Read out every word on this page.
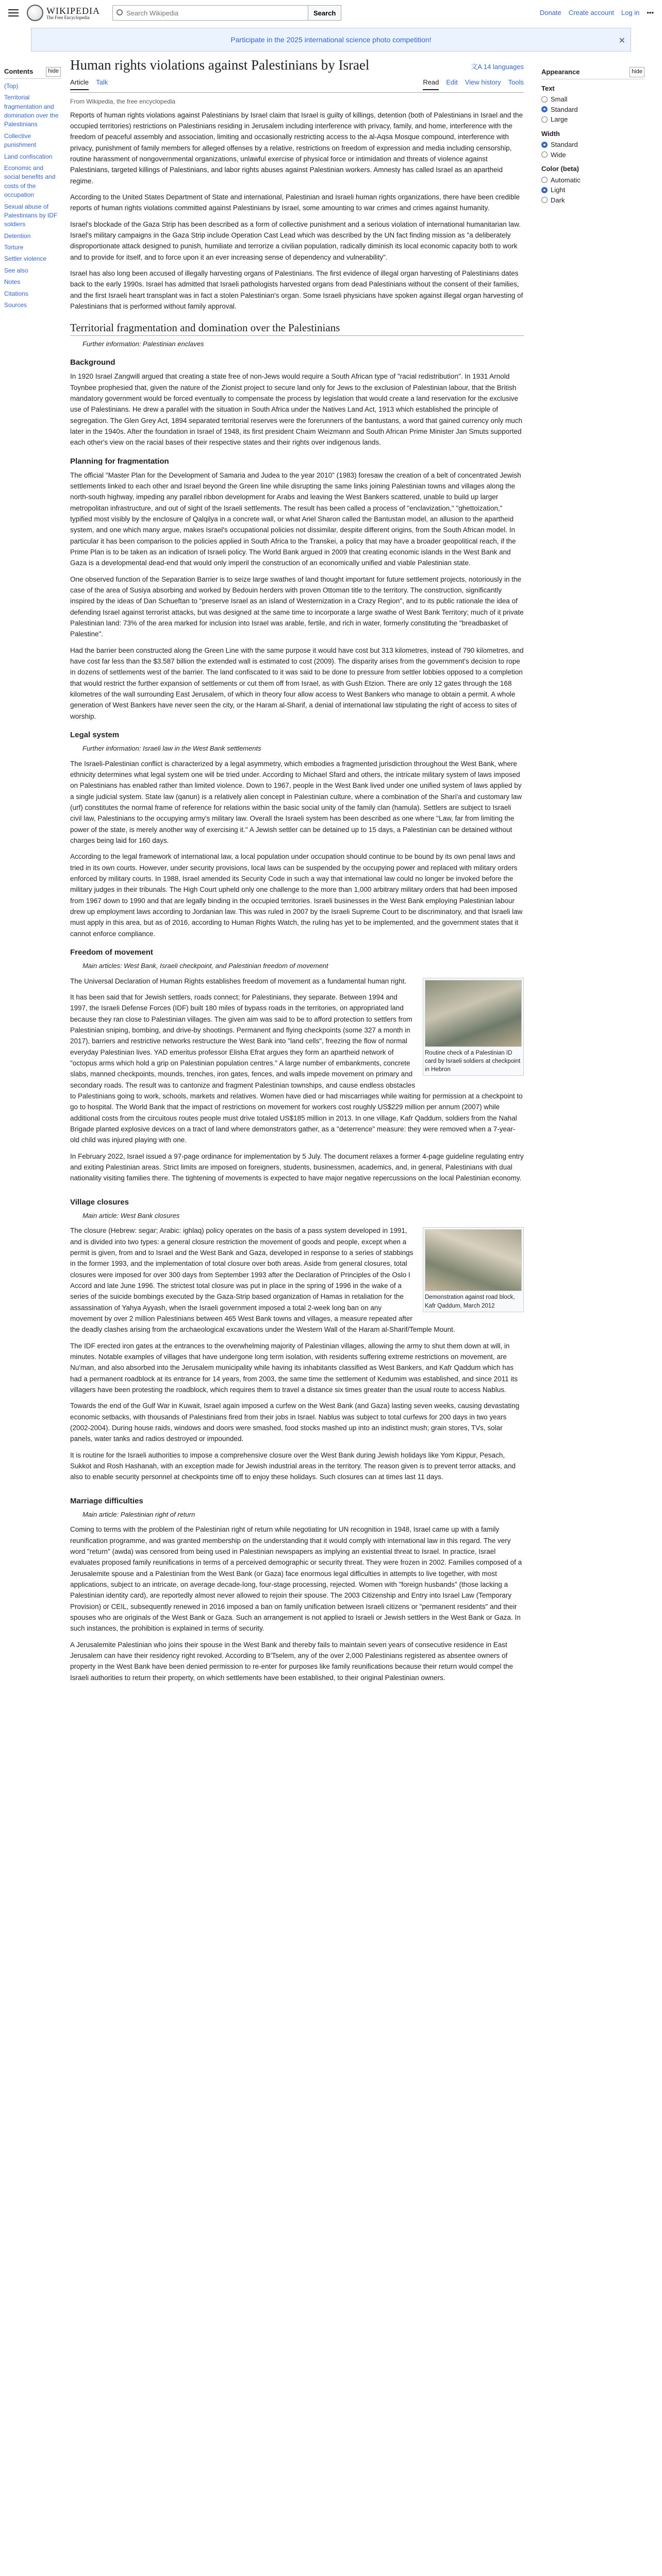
WIKIPEDIA
The Free Encyclopedia
Search Wikipedia
Search	Donate Create account Log in •••
Participate in the 2025 international science photo competition!	✕
Contents	hide
(Top)
Territorial fragmentation and domination over the Palestinians
Collective punishment
Land confiscation
Economic and social benefits and costs of the occupation
Sexual abuse of Palestinians by IDF soldiers
Detention
Torture
Settler violence
See also
Notes
Citations
Sources
Human rights violations against Palestinians by Israel	文A 14 languages
Article Talk	Read Edit View history Tools
From Wikipedia, the free encyclopedia

Reports of human rights violations against Palestinians by Israel claim that Israel is guilty of killings, detention (both of Palestinians in Israel and the occupied territories) restrictions on Palestinians residing in Jerusalem including interference with privacy, family, and home, interference with the freedom of peaceful assembly and association, limiting and occasionally restricting access to the al-Aqsa Mosque compound, interference with privacy, punishment of family members for alleged offenses by a relative, restrictions on freedom of expression and media including censorship, routine harassment of nongovernmental organizations, unlawful exercise of physical force or intimidation and threats of violence against Palestinians, targeted killings of Palestinians, and labor rights abuses against Palestinian workers. Amnesty has called Israel as an apartheid regime.

According to the United States Department of State and international, Palestinian and Israeli human rights organizations, there have been credible reports of human rights violations committed against Palestinians by Israel, some amounting to war crimes and crimes against humanity.

Israel's blockade of the Gaza Strip has been described as a form of collective punishment and a serious violation of international humanitarian law. Israel's military campaigns in the Gaza Strip include Operation Cast Lead which was described by the UN fact finding mission as "a deliberately disproportionate attack designed to punish, humiliate and terrorize a civilian population, radically diminish its local economic capacity both to work and to provide for itself, and to force upon it an ever increasing sense of dependency and vulnerability".

Israel has also long been accused of illegally harvesting organs of Palestinians. The first evidence of illegal organ harvesting of Palestinians dates back to the early 1990s. Israel has admitted that Israeli pathologists harvested organs from dead Palestinians without the consent of their families, and the first Israeli heart transplant was in fact a stolen Palestinian's organ. Some Israeli physicians have spoken against illegal organ harvesting of Palestinians that is performed without family approval.

Territorial fragmentation and domination over the Palestinians
Further information: Palestinian enclaves
Background

In 1920 Israel Zangwill argued that creating a state free of non-Jews would require a South African type of "racial redistribution". In 1931 Arnold Toynbee prophesied that, given the nature of the Zionist project to secure land only for Jews to the exclusion of Palestinian labour, that the British mandatory government would be forced eventually to compensate the process by legislation that would create a land reservation for the exclusive use of Palestinians. He drew a parallel with the situation in South Africa under the Natives Land Act, 1913 which established the principle of segregation. The Glen Grey Act, 1894 separated territorial reserves were the forerunners of the bantustans, a word that gained currency only much later in the 1940s. After the foundation in Israel of 1948, its first president Chaim Weizmann and South African Prime Minister Jan Smuts supported each other's view on the racial bases of their respective states and their rights over indigenous lands.

Planning for fragmentation

The official "Master Plan for the Development of Samaria and Judea to the year 2010" (1983) foresaw the creation of a belt of concentrated Jewish settlements linked to each other and Israel beyond the Green line while disrupting the same links joining Palestinian towns and villages along the north-south highway, impeding any parallel ribbon development for Arabs and leaving the West Bankers scattered, unable to build up larger metropolitan infrastructure, and out of sight of the Israeli settlements. The result has been called a process of "enclavization," "ghettoization," typified most visibly by the enclosure of Qalqilya in a concrete wall, or what Ariel Sharon called the Bantustan model, an allusion to the apartheid system, and one which many argue, makes Israel's occupational policies not dissimilar, despite different origins, from the South African model. In particular it has been comparison to the policies applied in South Africa to the Transkei, a policy that may have a broader geopolitical reach, if the Prime Plan is to be taken as an indication of Israeli policy. The World Bank argued in 2009 that creating economic islands in the West Bank and Gaza is a developmental dead-end that would only imperil the construction of an economically unified and viable Palestinian state.

One observed function of the Separation Barrier is to seize large swathes of land thought important for future settlement projects, notoriously in the case of the area of Susiya absorbing and worked by Bedouin herders with proven Ottoman title to the territory. The construction, significantly inspired by the ideas of Dan Schueftan to "preserve Israel as an island of Westernization in a Crazy Region", and to its public rationale the idea of defending Israel against terrorist attacks, but was designed at the same time to incorporate a large swathe of West Bank Territory; much of it private Palestinian land: 73% of the area marked for inclusion into Israel was arable, fertile, and rich in water, formerly constituting the "breadbasket of Palestine".

Had the barrier been constructed along the Green Line with the same purpose it would have cost but 313 kilometres, instead of 790 kilometres, and have cost far less than the $3.587 billion the extended wall is estimated to cost (2009). The disparity arises from the government's decision to rope in dozens of settlements west of the barrier. The land confiscated to it was said to be done to pressure from settler lobbies opposed to a completion that would restrict the further expansion of settlements or cut them off from Israel, as with Gush Etzion. There are only 12 gates through the 168 kilometres of the wall surrounding East Jerusalem, of which in theory four allow access to West Bankers who manage to obtain a permit. A whole generation of West Bankers have never seen the city, or the Haram al-Sharif, a denial of international law stipulating the right of access to sites of worship.

Legal system
Further information: Israeli law in the West Bank settlements

The Israeli-Palestinian conflict is characterized by a legal asymmetry, which embodies a fragmented jurisdiction throughout the West Bank, where ethnicity determines what legal system one will be tried under. According to Michael Sfard and others, the intricate military system of laws imposed on Palestinians has enabled rather than limited violence. Down to 1967, people in the West Bank lived under one unified system of laws applied by a single judicial system. State law (qanun) is a relatively alien concept in Palestinian culture, where a combination of the Shari'a and customary law (urf) constitutes the normal frame of reference for relations within the basic social unity of the family clan (hamula). Settlers are subject to Israeli civil law, Palestinians to the occupying army's military law. Overall the Israeli system has been described as one where "Law, far from limiting the power of the state, is merely another way of exercising it." A Jewish settler can be detained up to 15 days, a Palestinian can be detained without charges being laid for 160 days.

According to the legal framework of international law, a local population under occupation should continue to be bound by its own penal laws and tried in its own courts. However, under security provisions, local laws can be suspended by the occupying power and replaced with military orders enforced by military courts. In 1988, Israel amended its Security Code in such a way that international law could no longer be invoked before the military judges in their tribunals. The High Court upheld only one challenge to the more than 1,000 arbitrary military orders that had been imposed from 1967 down to 1990 and that are legally binding in the occupied territories. Israeli businesses in the West Bank employing Palestinian labour drew up employment laws according to Jordanian law. This was ruled in 2007 by the Israeli Supreme Court to be discriminatory, and that Israeli law must apply in this area, but as of 2016, according to Human Rights Watch, the ruling has yet to be implemented, and the government states that it cannot enforce compliance.

Freedom of movement
Main articles: West Bank, Israeli checkpoint, and Palestinian freedom of movement
Routine check of a Palestinian ID card by Israeli soldiers at checkpoint in Hebron

The Universal Declaration of Human Rights establishes freedom of movement as a fundamental human right.

It has been said that for Jewish settlers, roads connect; for Palestinians, they separate. Between 1994 and 1997, the Israeli Defense Forces (IDF) built 180 miles of bypass roads in the territories, on appropriated land because they ran close to Palestinian villages. The given aim was said to be to afford protection to settlers from Palestinian sniping, bombing, and drive-by shootings. Permanent and flying checkpoints (some 327 a month in 2017), barriers and restrictive networks restructure the West Bank into "land cells", freezing the flow of normal everyday Palestinian lives. YAD emeritus professor Elisha Efrat argues they form an apartheid network of "octopus arms which hold a grip on Palestinian population centres." A large number of embankments, concrete slabs, manned checkpoints, mounds, trenches, iron gates, fences, and walls impede movement on primary and secondary roads. The result was to cantonize and fragment Palestinian townships, and cause endless obstacles to Palestinians going to work, schools, markets and relatives. Women have died or had miscarriages while waiting for permission at a checkpoint to go to hospital. The World Bank that the impact of restrictions on movement for workers cost roughly US$229 million per annum (2007) while additional costs from the circuitous routes people must drive totaled US$185 million in 2013. In one village, Kafr Qaddum, soldiers from the Nahal Brigade planted explosive devices on a tract of land where demonstrators gather, as a "deterrence" measure: they were removed when a 7-year-old child was injured playing with one.

In February 2022, Israel issued a 97-page ordinance for implementation by 5 July. The document relaxes a former 4-page guideline regulating entry and exiting Palestinian areas. Strict limits are imposed on foreigners, students, businessmen, academics, and, in general, Palestinians with dual nationality visiting families there. The tightening of movements is expected to have major negative repercussions on the local Palestinian economy.

Village closures
Main article: West Bank closures
Demonstration against road block, Kafr Qaddum, March 2012

The closure (Hebrew: segar; Arabic: ighlaq) policy operates on the basis of a pass system developed in 1991, and is divided into two types: a general closure restriction the movement of goods and people, except when a permit is given, from and to Israel and the West Bank and Gaza, developed in response to a series of stabbings in the former 1993, and the implementation of total closure over both areas. Aside from general closures, total closures were imposed for over 300 days from September 1993 after the Declaration of Principles of the Oslo I Accord and late June 1996. The strictest total closure was put in place in the spring of 1996 in the wake of a series of the suicide bombings executed by the Gaza-Strip based organization of Hamas in retaliation for the assassination of Yahya Ayyash, when the Israeli government imposed a total 2-week long ban on any movement by over 2 million Palestinians between 465 West Bank towns and villages, a measure repeated after the deadly clashes arising from the archaeological excavations under the Western Wall of the Haram al-Sharif/Temple Mount.

The IDF erected iron gates at the entrances to the overwhelming majority of Palestinian villages, allowing the army to shut them down at will, in minutes. Notable examples of villages that have undergone long term isolation, with residents suffering extreme restrictions on movement, are Nu'man, and also absorbed into the Jerusalem municipality while having its inhabitants classified as West Bankers, and Kafr Qaddum which has had a permanent roadblock at its entrance for 14 years, from 2003, the same time the settlement of Kedumim was established, and since 2011 its villagers have been protesting the roadblock, which requires them to travel a distance six times greater than the usual route to access Nablus.

Towards the end of the Gulf War in Kuwait, Israel again imposed a curfew on the West Bank (and Gaza) lasting seven weeks, causing devastating economic setbacks, with thousands of Palestinians fired from their jobs in Israel. Nablus was subject to total curfews for 200 days in two years (2002-2004). During house raids, windows and doors were smashed, food stocks mashed up into an indistinct mush; grain stores, TVs, solar panels, water tanks and radios destroyed or impounded.

It is routine for the Israeli authorities to impose a comprehensive closure over the West Bank during Jewish holidays like Yom Kippur, Pesach, Sukkot and Rosh Hashanah, with an exception made for Jewish industrial areas in the territory. The reason given is to prevent terror attacks, and also to enable security personnel at checkpoints time off to enjoy these holidays. Such closures can at times last 11 days.

Marriage difficulties
Main article: Palestinian right of return

Coming to terms with the problem of the Palestinian right of return while negotiating for UN recognition in 1948, Israel came up with a family reunification programme, and was granted membership on the understanding that it would comply with international law in this regard. The very word "return" (awda) was censored from being used in Palestinian newspapers as implying an existential threat to Israel. In practice, Israel evaluates proposed family reunifications in terms of a perceived demographic or security threat. They were frozen in 2002. Families composed of a Jerusalemite spouse and a Palestinian from the West Bank (or Gaza) face enormous legal difficulties in attempts to live together, with most applications, subject to an intricate, on average decade-long, four-stage processing, rejected. Women with "foreign husbands" (those lacking a Palestinian identity card), are reportedly almost never allowed to rejoin their spouse. The 2003 Citizenship and Entry into Israel Law (Temporary Provision) or CEIL, subsequently renewed in 2016 imposed a ban on family unification between Israeli citizens or "permanent residents" and their spouses who are originals of the West Bank or Gaza. Such an arrangement is not applied to Israeli or Jewish settlers in the West Bank or Gaza. In such instances, the prohibition is explained in terms of security.

A Jerusalemite Palestinian who joins their spouse in the West Bank and thereby fails to maintain seven years of consecutive residence in East Jerusalem can have their residency right revoked. According to B'Tselem, any of the over 2,000 Palestinians registered as absentee owners of property in the West Bank have been denied permission to re-enter for purposes like family reunifications because their return would compel the Israeli authorities to return their property, on which settlements have been established, to their original Palestinian owners.

Appearance	hide
Text
Small
Standard
Large
Width
Standard
Wide
Color (beta)
Automatic
Light
Dark
